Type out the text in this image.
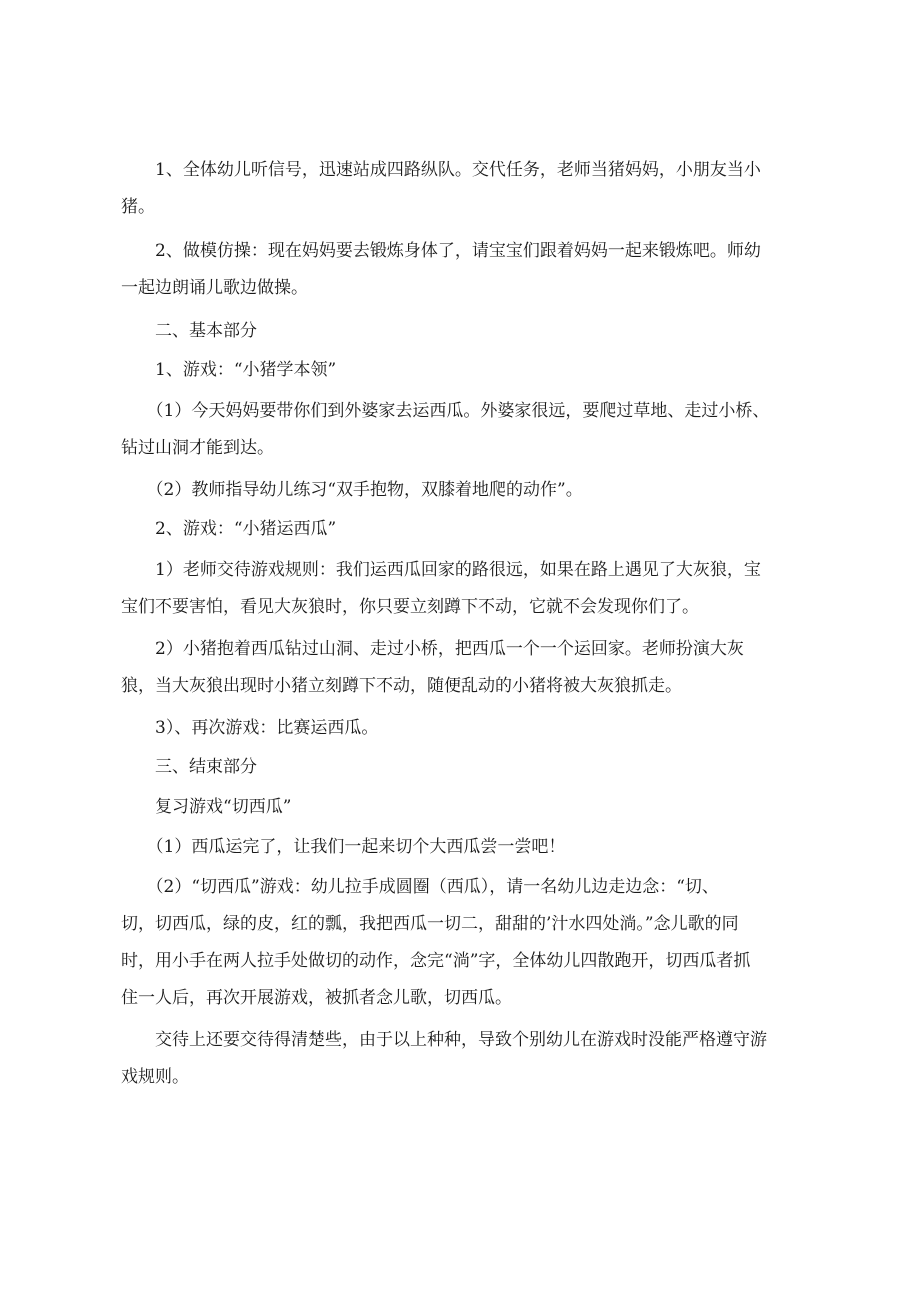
　　1、全体幼儿听信号，迅速站成四路纵队。交代任务，老师当猪妈妈，小朋友当小
猪。
　　2、做模仿操：现在妈妈要去锻炼身体了，请宝宝们跟着妈妈一起来锻炼吧。师幼
一起边朗诵儿歌边做操。
　　二、基本部分
　　1、游戏：“小猪学本领”
　　（1）今天妈妈要带你们到外婆家去运西瓜。外婆家很远，要爬过草地、走过小桥、
钻过山洞才能到达。
　　（2）教师指导幼儿练习“双手抱物，双膝着地爬的动作”。
　　2、游戏：“小猪运西瓜”
　　1）老师交待游戏规则：我们运西瓜回家的路很远，如果在路上遇见了大灰狼，宝
宝们不要害怕，看见大灰狼时，你只要立刻蹲下不动，它就不会发现你们了。
　　2）小猪抱着西瓜钻过山洞、走过小桥，把西瓜一个一个运回家。老师扮演大灰
狼，当大灰狼出现时小猪立刻蹲下不动，随便乱动的小猪将被大灰狼抓走。
　　3）、再次游戏：比赛运西瓜。
　　三、结束部分
　　复习游戏“切西瓜”
　　（1）西瓜运完了，让我们一起来切个大西瓜尝一尝吧！
　　（2）“切西瓜”游戏：幼儿拉手成圆圈（西瓜），请一名幼儿边走边念：“切、
切，切西瓜，绿的皮，红的瓢，我把西瓜一切二，甜甜的’汁水四处淌。”念儿歌的同
时，用小手在两人拉手处做切的动作，念完“淌”字，全体幼儿四散跑开，切西瓜者抓
住一人后，再次开展游戏，被抓者念儿歌，切西瓜。
　　交待上还要交待得清楚些，由于以上种种，导致个别幼儿在游戏时没能严格遵守游
戏规则。
